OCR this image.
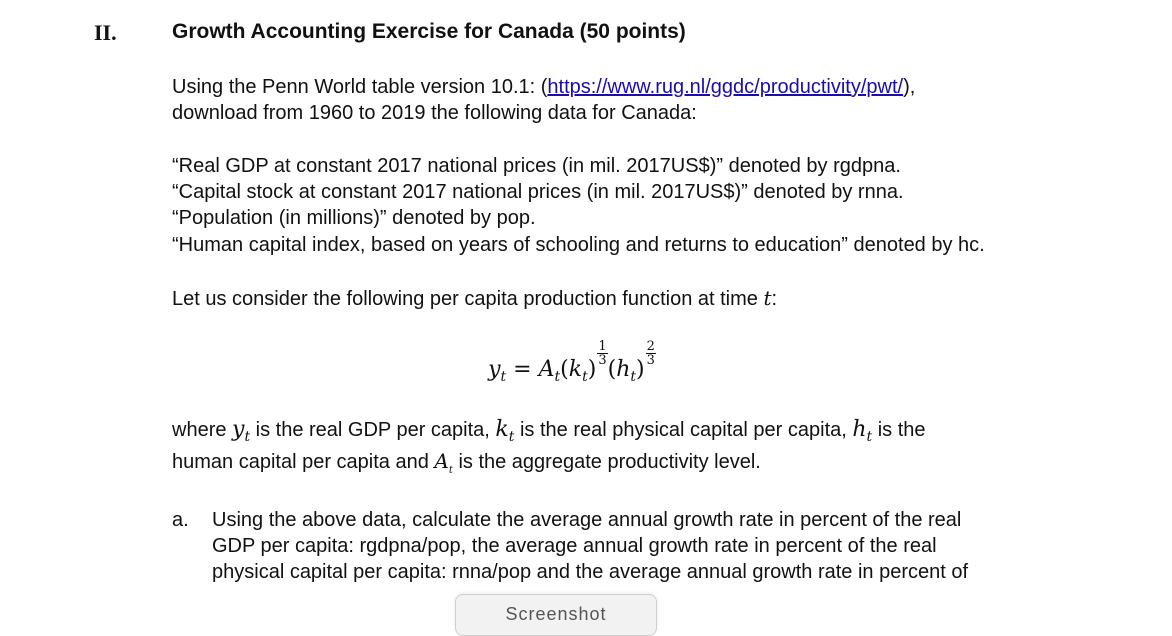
II.	Growth Accounting Exercise for Canada (50 points)
Using the Penn World table version 10.1: (https://www.rug.nl/ggdc/productivity/pwt/),
download from 1960 to 2019 the following data for Canada:
“Real GDP at constant 2017 national prices (in mil. 2017US$)” denoted by rgdpna.
“Capital stock at constant 2017 national prices (in mil. 2017US$)” denoted by rnna.
“Population (in millions)” denoted by pop.
“Human capital index, based on years of schooling and returns to education” denoted by hc.
Let us consider the following per capita production function at time t:
$y_t = A_t(k_t)$
$\frac{1}{3}$
$(h_t)$
$\frac{2}{3}$
where $y_t$ is the real GDP per capita, $k_t$ is the real physical capital per capita, $h_t$ is the
human capital per capita and $A_t$ is the aggregate productivity level.
a. Using the above data, calculate the average annual growth rate in percent of the real
GDP per capita: rgdpna/pop, the average annual growth rate in percent of the real
physical capital per capita: rnna/pop and the average annual growth rate in percent of
Screenshot
